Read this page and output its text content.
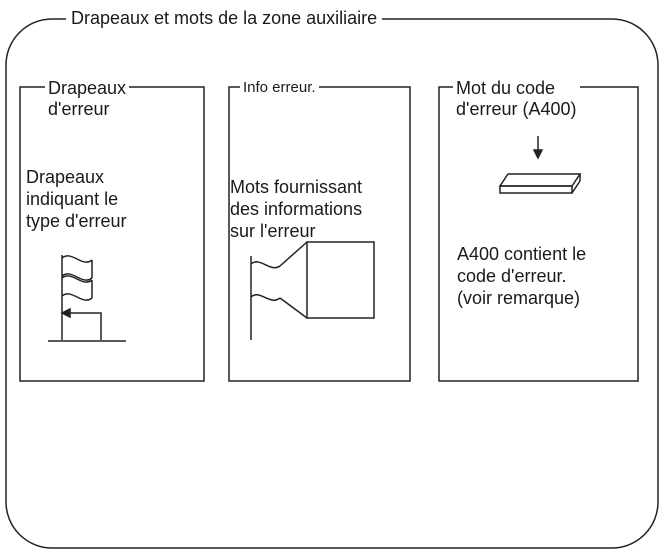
Drapeaux et mots de la zone auxiliaire
Drapeaux
d'erreur
Drapeaux
indiquant le
type d'erreur
Info erreur.
Mots fournissant
des informations
sur l'erreur
Mot du code
d'erreur (A400)
A400 contient le
code d'erreur.
(voir remarque)
